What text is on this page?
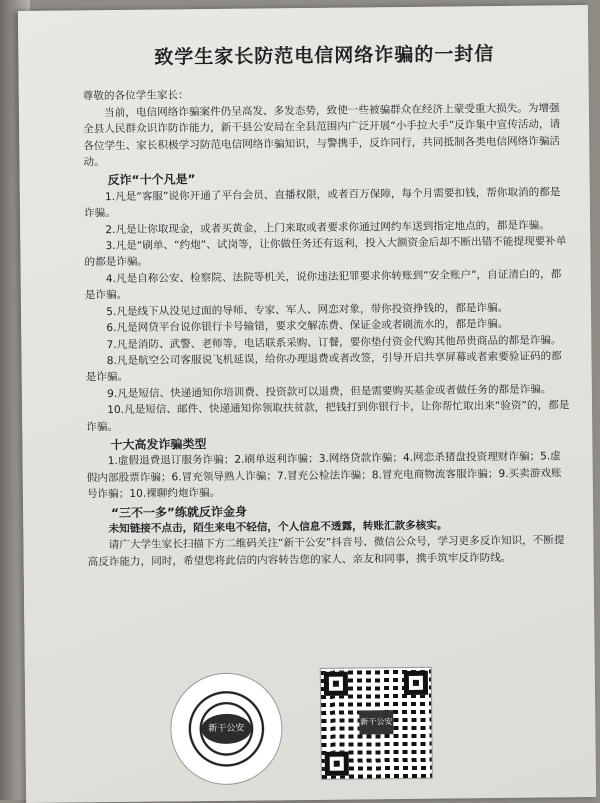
致学生家长防范电信网络诈骗的一封信

尊敬的各位学生家长：

当前，电信网络诈骗案件仍呈高发、多发态势，致使一些被骗群众在经济上蒙受重大损失。为增强全县人民群众识诈防诈能力，新干县公安局在全县范围内广泛开展“小手拉大手”反诈集中宣传活动，请各位学生、家长积极学习防范电信网络诈骗知识，与警携手，反诈同行，共同抵制各类电信网络诈骗活动。

反诈“十个凡是”

1.凡是“客服”说你开通了平台会员、直播权限，或者百万保障，每个月需要扣钱，帮你取消的都是诈骗。

2.凡是让你取现金，或者买黄金，上门来取或者要求你通过网约车送到指定地点的，都是诈骗。

3.凡是“刷单、“约炮”、试岗等，让你做任务还有返利，投入大额资金后却不断出错不能提现要补单的都是诈骗。

4.凡是自称公安、检察院、法院等机关，说你违法犯罪要求你转账到“安全账户”，自证清白的，都是诈骗。

5.凡是线下从没见过面的导师、专家、军人、网恋对象，带你投资挣钱的，都是诈骗。

6.凡是网贷平台说你银行卡号输错，要求交解冻费、保证金或者刷流水的，都是诈骗。

7.凡是消防、武警、老师等，电话联系采购、订餐，要你垫付资金代购其他昂贵商品的都是诈骗。

8.凡是航空公司客服说飞机延误，给你办理退费或者改签，引导开启共享屏幕或者索要验证码的都是诈骗。

9.凡是短信、快递通知你培训费、投资款可以退费，但是需要购买基金或者做任务的都是诈骗。

10.凡是短信、邮件、快递通知你领取扶贫款，把钱打到你银行卡，让你帮忙取出来“验资”的，都是诈骗。

十大高发诈骗类型

1.虚假退费退订服务诈骗；2.刷单返利诈骗；3.网络贷款诈骗；4.网恋杀猪盘投资理财诈骗；5.虚假内部股票诈骗；6.冒充领导熟人诈骗；7.冒充公检法诈骗；8.冒充电商物流客服诈骗；9.买卖游戏账号诈骗；10.裸聊约炮诈骗。

“三不一多”练就反诈金身

未知链接不点击，陌生来电不轻信，个人信息不透露，转账汇款多核实。

请广大学生家长扫描下方二维码关注“新干公安”抖音号、微信公众号，学习更多反诈知识，不断提高反诈能力，同时，希望您将此信的内容转告您的家人、亲友和同事，携手筑牢反诈防线。

新干公安
新干公安
